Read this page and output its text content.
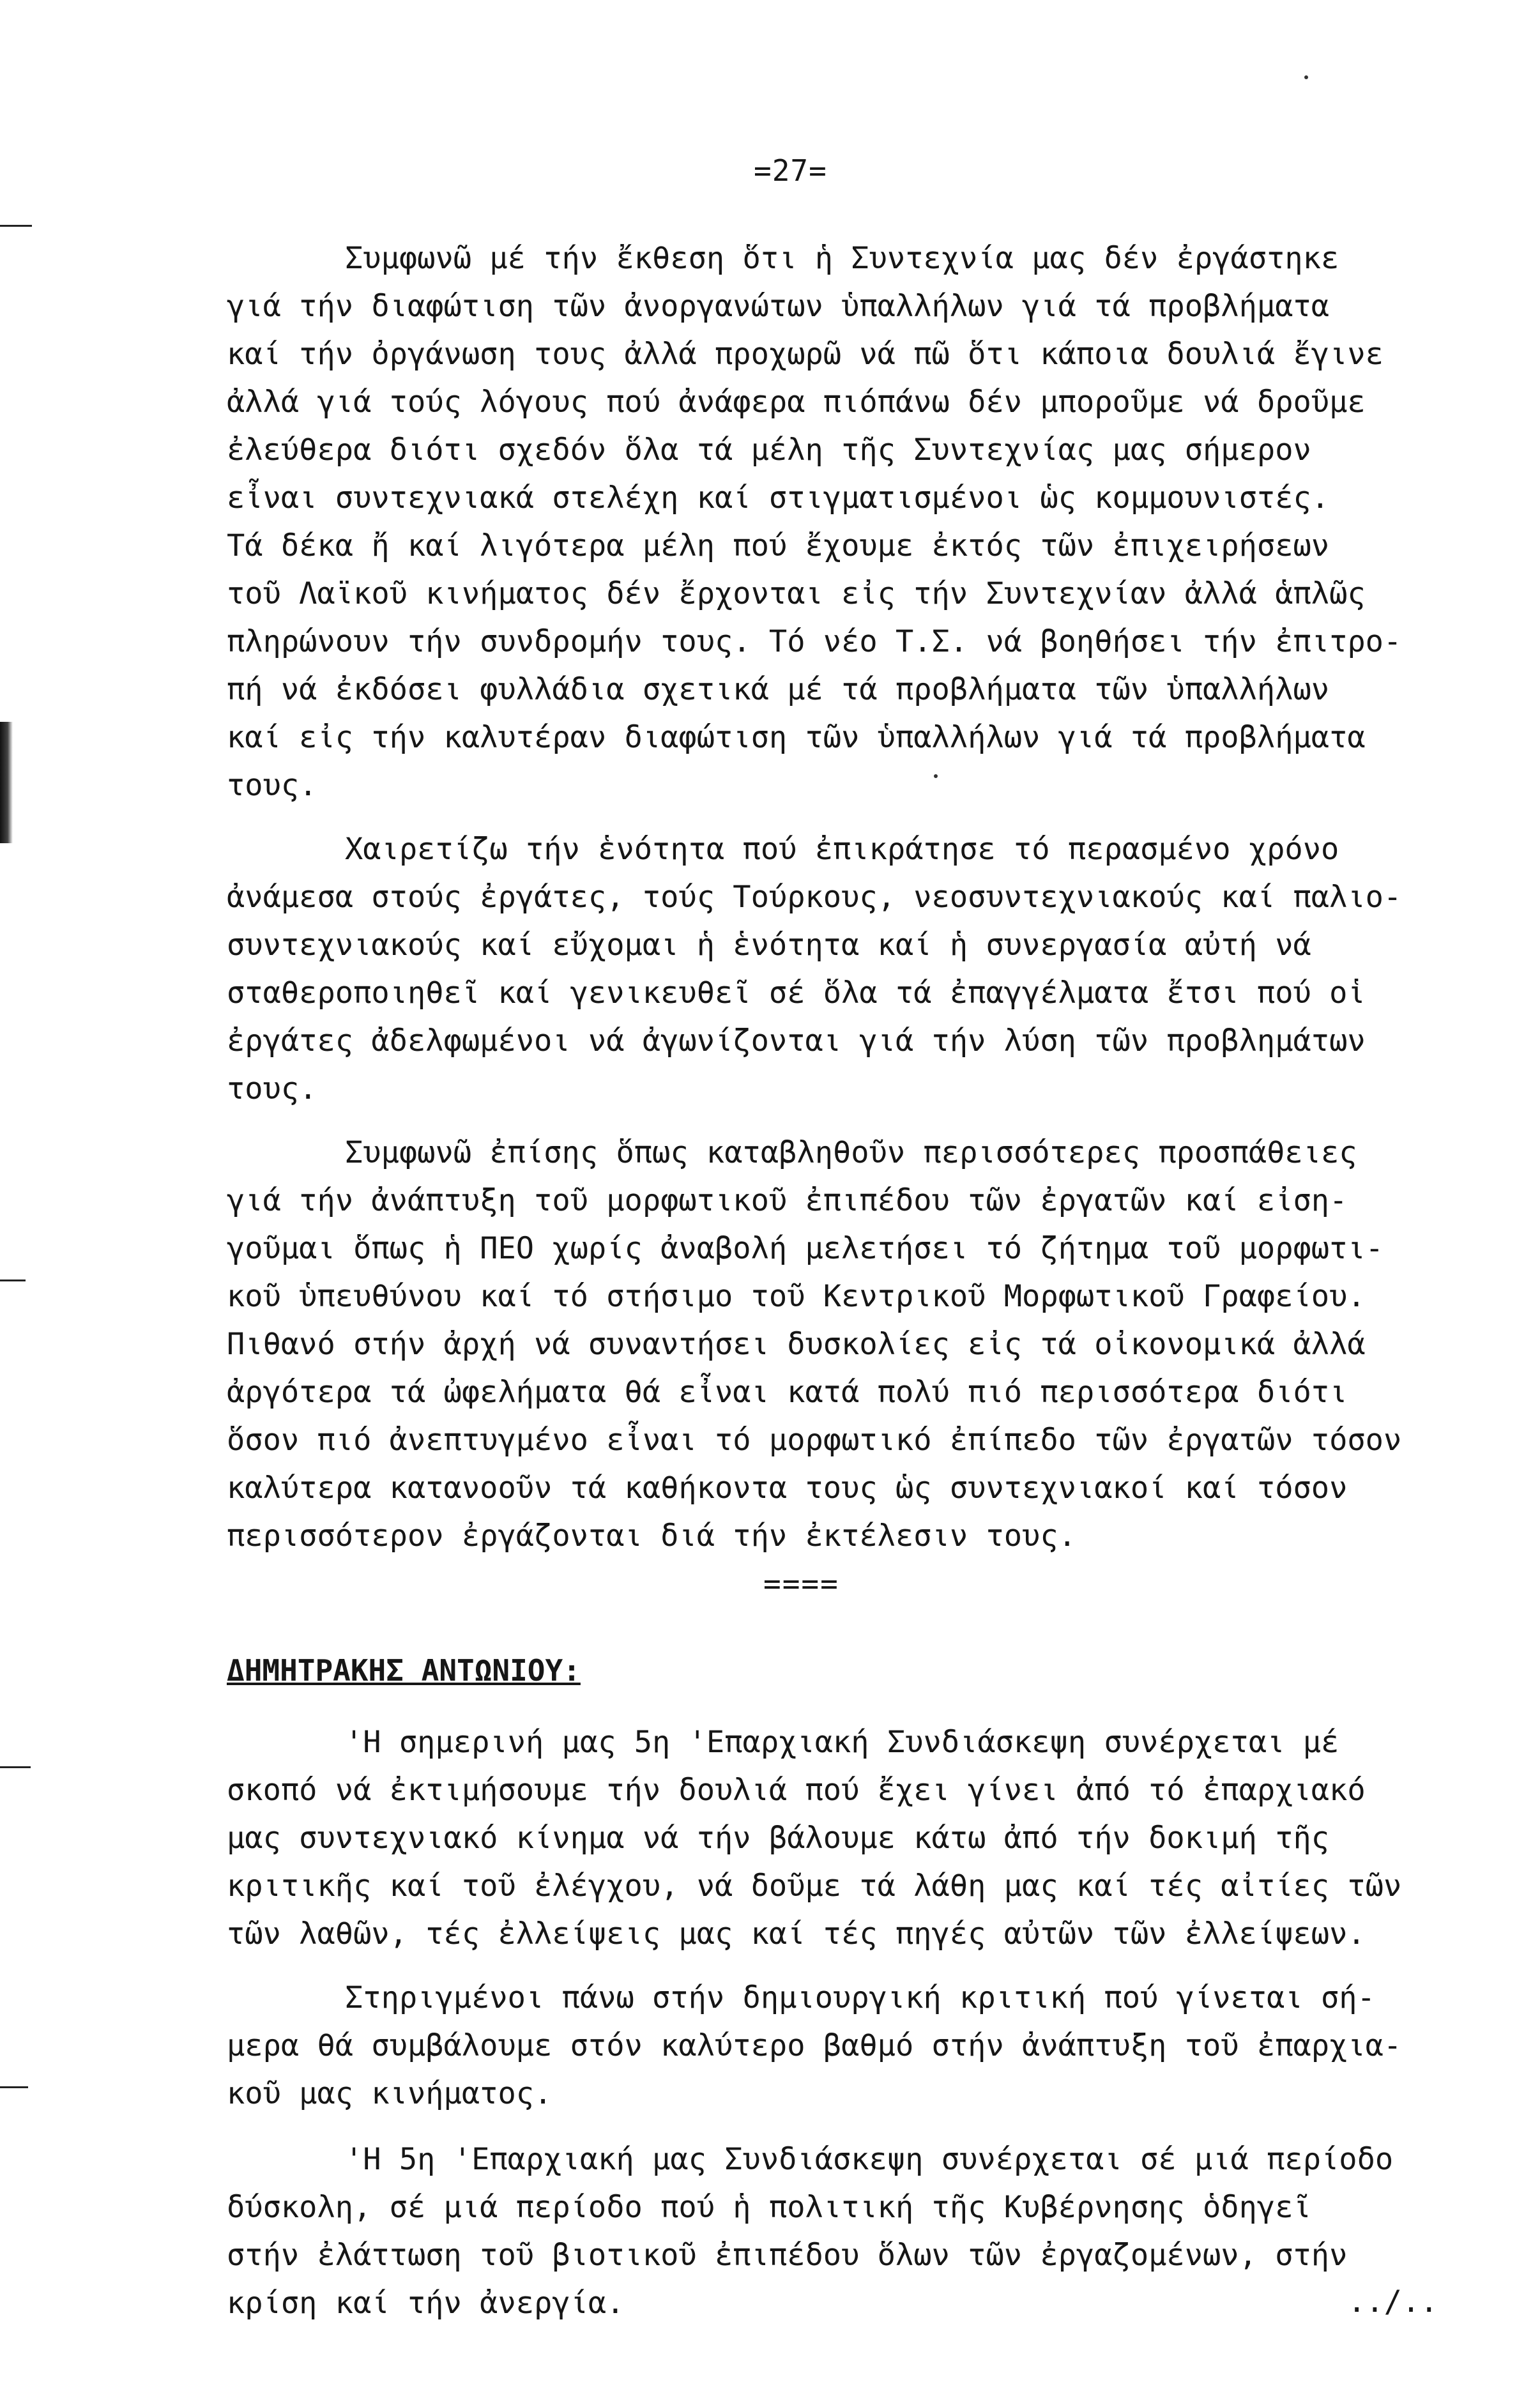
=27=
Συμφωνῶ μέ τήν ἔκθεση ὅτι ἡ Συντεχνία μας δέν ἐργάστηκε
γιά τήν διαφώτιση τῶν ἀνοργανώτων ὑπαλλήλων γιά τά προβλήματα
καί τήν ὀργάνωση τους ἀλλά προχωρῶ νά πῶ ὅτι κάποια δουλιά ἔγινε
ἀλλά γιά τούς λόγους πού ἀνάφερα πιόπάνω δέν μποροῦμε νά δροῦμε
ἐλεύθερα διότι σχεδόν ὅλα τά μέλη τῆς Συντεχνίας μας σήμερον
εἶναι συντεχνιακά στελέχη καί στιγματισμένοι ὡς κομμουνιστές.
Τά δέκα ἤ καί λιγότερα μέλη πού ἔχουμε ἐκτός τῶν ἐπιχειρήσεων
τοῦ Λαϊκοῦ κινήματος δέν ἔρχονται εἰς τήν Συντεχνίαν ἀλλά ἁπλῶς
πληρώνουν τήν συνδρομήν τους. Τό νέο Τ.Σ. νά βοηθήσει τήν ἐπιτρο-
πή νά ἐκδόσει φυλλάδια σχετικά μέ τά προβλήματα τῶν ὑπαλλήλων
καί εἰς τήν καλυτέραν διαφώτιση τῶν ὑπαλλήλων γιά τά προβλήματα
τους.
Χαιρετίζω τήν ἑνότητα πού ἐπικράτησε τό περασμένο χρόνο
ἀνάμεσα στούς ἐργάτες, τούς Τούρκους, νεοσυντεχνιακούς καί παλιο-
συντεχνιακούς καί εὔχομαι ἡ ἑνότητα καί ἡ συνεργασία αὐτή νά
σταθεροποιηθεῖ καί γενικευθεῖ σέ ὅλα τά ἐπαγγέλματα ἔτσι πού οἱ
ἐργάτες ἀδελφωμένοι νά ἀγωνίζονται γιά τήν λύση τῶν προβλημάτων
τους.
Συμφωνῶ ἐπίσης ὅπως καταβληθοῦν περισσότερες προσπάθειες
γιά τήν ἀνάπτυξη τοῦ μορφωτικοῦ ἐπιπέδου τῶν ἐργατῶν καί εἰση-
γοῦμαι ὅπως ἡ ΠΕΟ χωρίς ἀναβολή μελετήσει τό ζήτημα τοῦ μορφωτι-
κοῦ ὑπευθύνου καί τό στήσιμο τοῦ Κεντρικοῦ Μορφωτικοῦ Γραφείου.
Πιθανό στήν ἀρχή νά συναντήσει δυσκολίες εἰς τά οἰκονομικά ἀλλά
ἀργότερα τά ὠφελήματα θά εἶναι κατά πολύ πιό περισσότερα διότι
ὅσον πιό ἀνεπτυγμένο εἶναι τό μορφωτικό ἐπίπεδο τῶν ἐργατῶν τόσον
καλύτερα κατανοοῦν τά καθήκοντα τους ὡς συντεχνιακοί καί τόσον
περισσότερον ἐργάζονται διά τήν ἐκτέλεσιν τους.
====
ΔΗΜΗΤΡΑΚΗΣ ΑΝΤΩΝΙΟΥ:
'Η σημερινή μας 5η 'Επαρχιακή Συνδιάσκεψη συνέρχεται μέ
σκοπό νά ἐκτιμήσουμε τήν δουλιά πού ἔχει γίνει ἀπό τό ἐπαρχιακό
μας συντεχνιακό κίνημα νά τήν βάλουμε κάτω ἀπό τήν δοκιμή τῆς
κριτικῆς καί τοῦ ἐλέγχου, νά δοῦμε τά λάθη μας καί τές αἰτίες τῶν
τῶν λαθῶν, τές ἐλλείψεις μας καί τές πηγές αὐτῶν τῶν ἐλλείψεων.
Στηριγμένοι πάνω στήν δημιουργική κριτική πού γίνεται σή-
μερα θά συμβάλουμε στόν καλύτερο βαθμό στήν ἀνάπτυξη τοῦ ἐπαρχια-
κοῦ μας κινήματος.
'Η 5η 'Επαρχιακή μας Συνδιάσκεψη συνέρχεται σέ μιά περίοδο
δύσκολη, σέ μιά περίοδο πού ἡ πολιτική τῆς Κυβέρνησης ὁδηγεῖ
στήν ἐλάττωση τοῦ βιοτικοῦ ἐπιπέδου ὅλων τῶν ἐργαζομένων, στήν
κρίση καί τήν ἀνεργία.	../..
